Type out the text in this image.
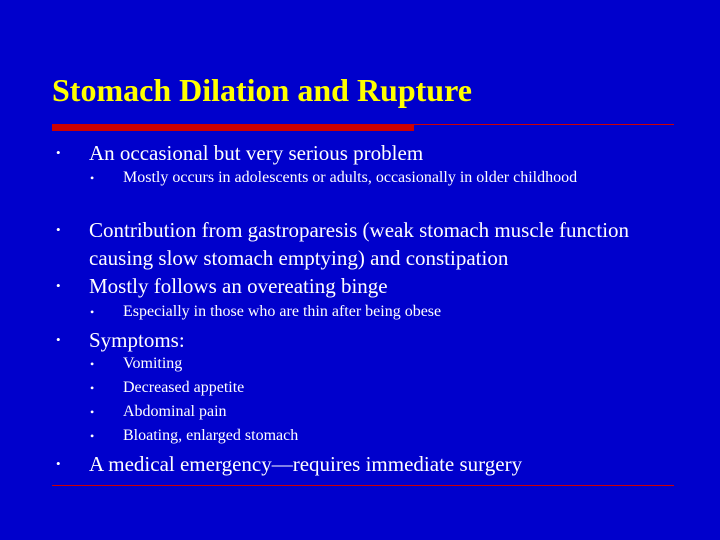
Stomach Dilation and Rupture
• An occasional but very serious problem
• Mostly occurs in adolescents or adults, occasionally in older childhood
• Contribution from gastroparesis (weak stomach muscle function causing slow stomach emptying) and constipation
• Mostly follows an overeating binge
• Especially in those who are thin after being obese
• Symptoms:
• Vomiting
• Decreased appetite
• Abdominal pain
• Bloating, enlarged stomach
• A medical emergency—requires immediate surgery
